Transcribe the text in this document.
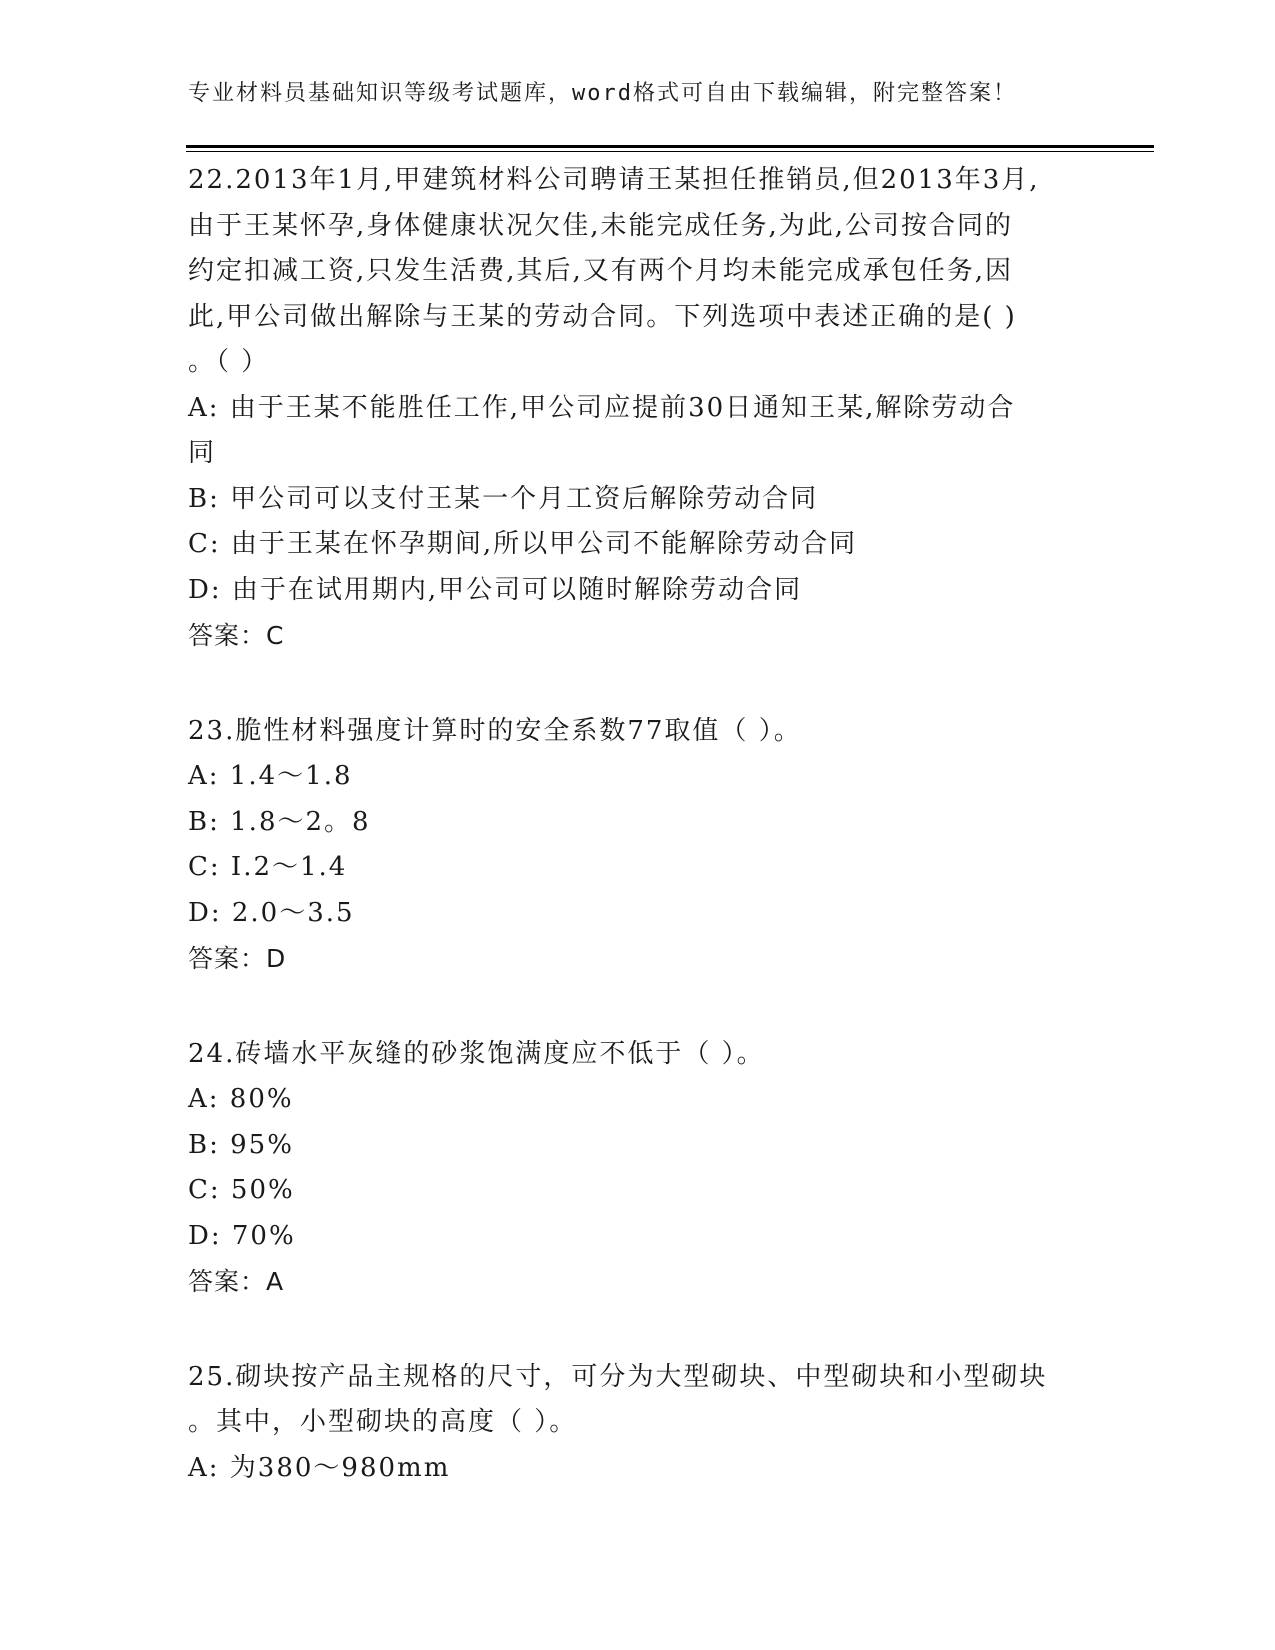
专业材料员基础知识等级考试题库，word格式可自由下载编辑，附完整答案！
22.2013年1月,甲建筑材料公司聘请王某担任推销员,但2013年3月,
由于王某怀孕,身体健康状况欠佳,未能完成任务,为此,公司按合同的
约定扣减工资,只发生活费,其后,又有两个月均未能完成承包任务,因
此,甲公司做出解除与王某的劳动合同。下列选项中表述正确的是( )
。（ ）
A: 由于王某不能胜任工作,甲公司应提前30日通知王某,解除劳动合
同
B: 甲公司可以支付王某一个月工资后解除劳动合同
C: 由于王某在怀孕期间,所以甲公司不能解除劳动合同
D: 由于在试用期内,甲公司可以随时解除劳动合同
答案：C
23.脆性材料强度计算时的安全系数77取值（ ）。
A: 1.4～1.8
B: 1.8～2。8
C: I.2～1.4
D: 2.0～3.5
答案：D
24.砖墙水平灰缝的砂浆饱满度应不低于（ ）。
A: 80%
B: 95%
C: 50%
D: 70%
答案：A
25.砌块按产品主规格的尺寸，可分为大型砌块、中型砌块和小型砌块
。其中，小型砌块的高度（ ）。
A: 为380～980mm
